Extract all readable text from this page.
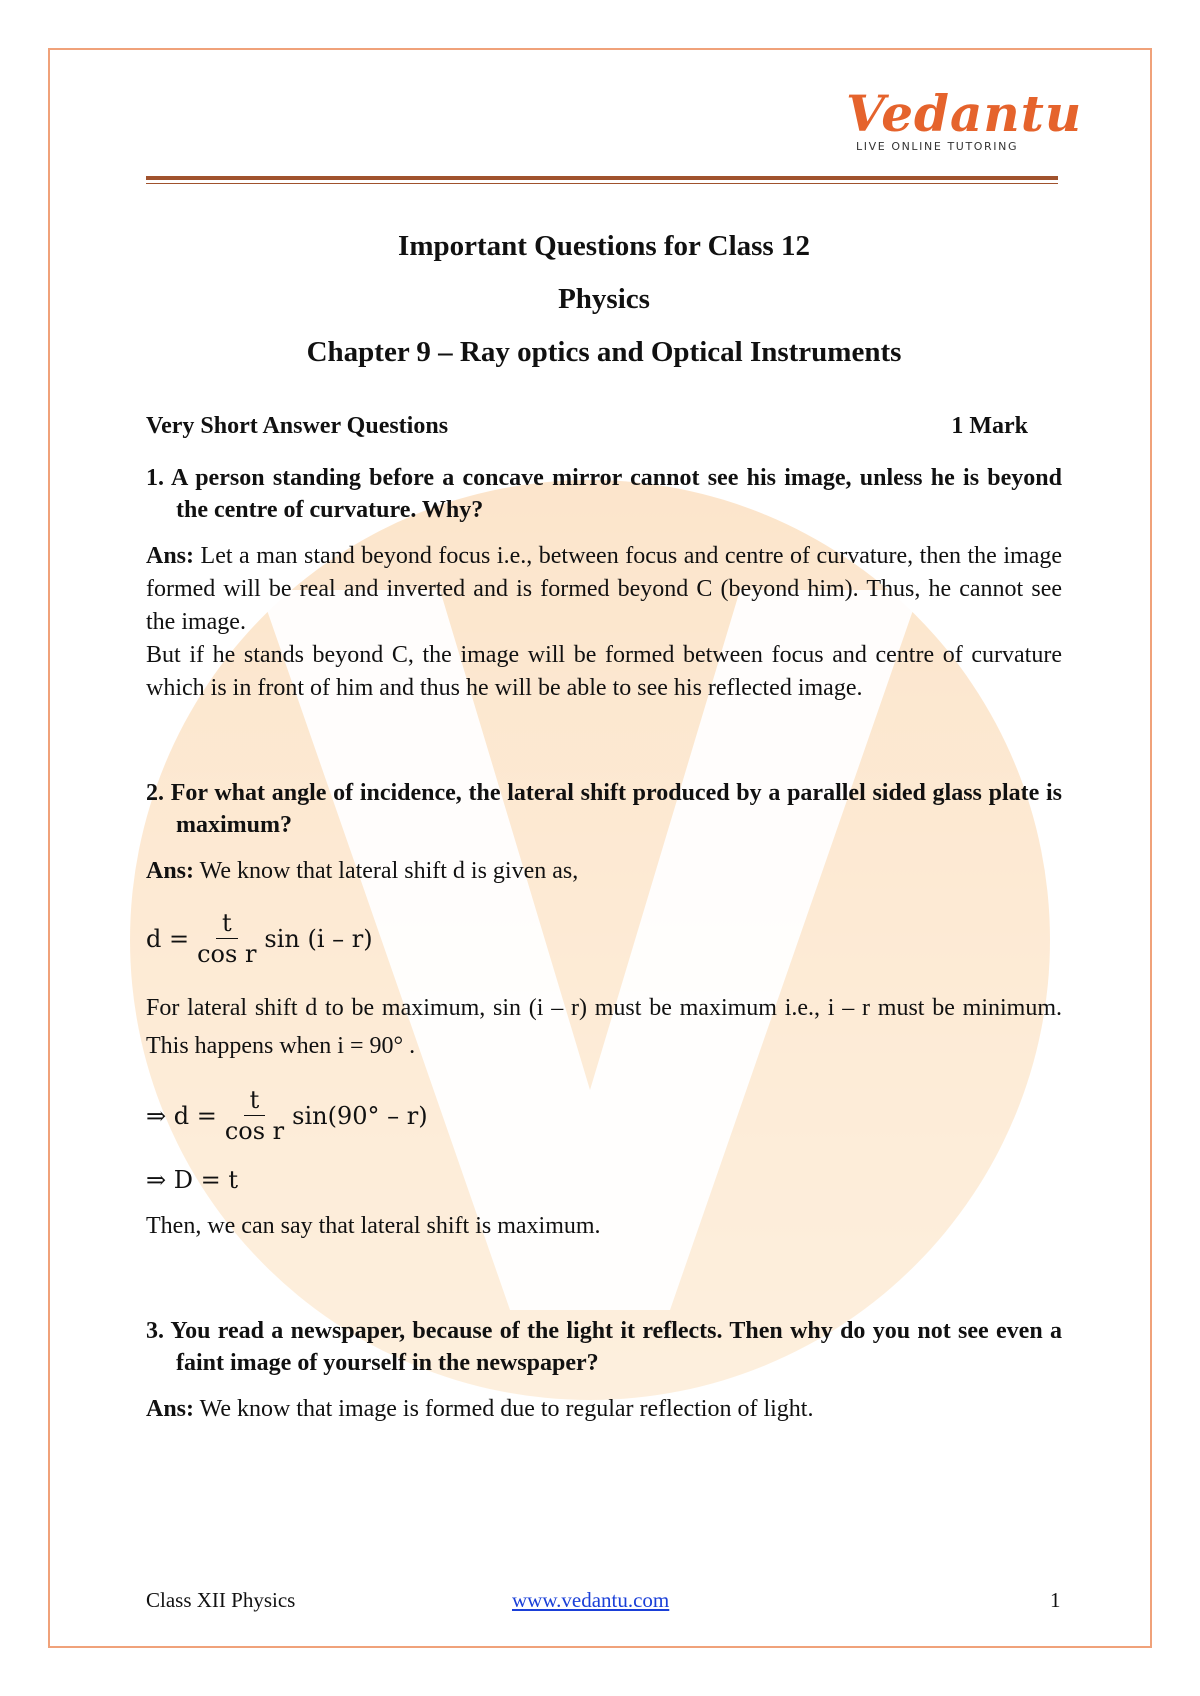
Vedantu
LIVE ONLINE TUTORING

Important Questions for Class 12

Physics

Chapter 9 – Ray optics and Optical Instruments

Very Short Answer Questions	1 Mark
1. A person standing before a concave mirror cannot see his image, unless he is beyond the centre of curvature. Why?
Ans: Let a man stand beyond focus i.e., between focus and centre of curvature, then the image formed will be real and inverted and is formed beyond C (beyond him). Thus, he cannot see the image.
But if he stands beyond C, the image will be formed between focus and centre of curvature which is in front of him and thus he will be able to see his reflected image.
2. For what angle of incidence, the lateral shift produced by a parallel sided glass plate is maximum?
Ans: We know that lateral shift d is given as,
$d = \frac{t}{\text{cos r}}$ sin (i – r)
For lateral shift d to be maximum, sin (i – r) must be maximum i.e., i – r must be minimum. This happens when i = 90° .
⇒ $d = \frac{t}{\text{cos r}} \sin(90^\circ - r)$
⇒ D = t
Then, we can say that lateral shift is maximum.
3. You read a newspaper, because of the light it reflects. Then why do you not see even a faint image of yourself in the newspaper?
Ans: We know that image is formed due to regular reflection of light.
Class XII Physics	www.vedantu.com	1
